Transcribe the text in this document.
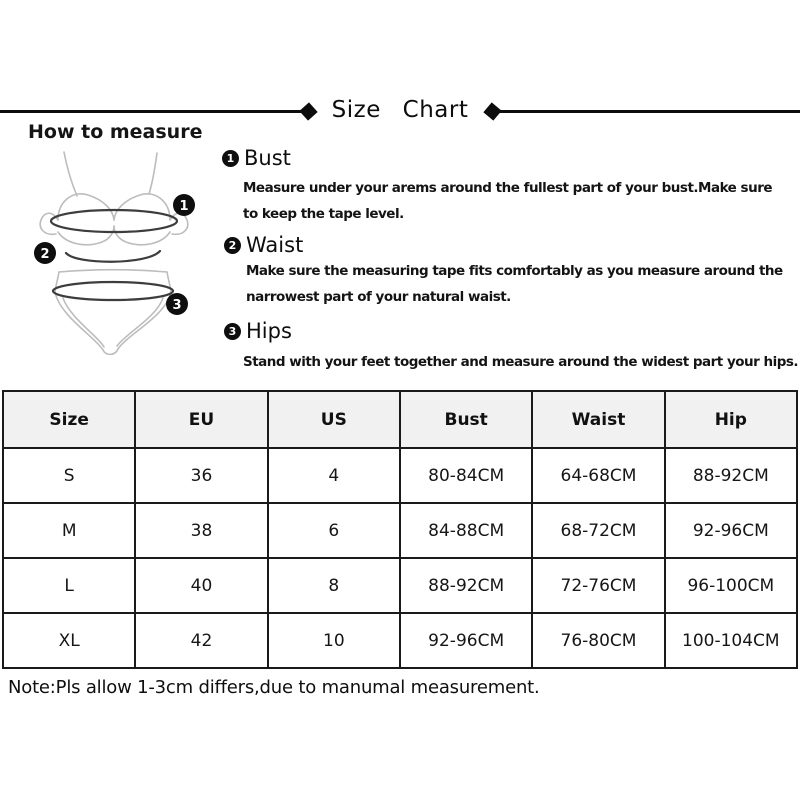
Size Chart
How to measure
1
2
3
1 Bust

Measure under your arems around the fullest part of your bust.Make sure to keep the tape level.

2 Waist

Make sure the measuring tape fits comfortably as you measure around the narrowest part of your natural waist.

3 Hips

Stand with your feet together and measure around the widest part your hips.

Size	EU	US	Bust	Waist	Hip
S	36	4	80-84CM	64-68CM	88-92CM
M	38	6	84-88CM	68-72CM	92-96CM
L	40	8	88-92CM	72-76CM	96-100CM
XL	42	10	92-96CM	76-80CM	100-104CM
Note:Pls allow 1-3cm differs,due to manumal measurement.
